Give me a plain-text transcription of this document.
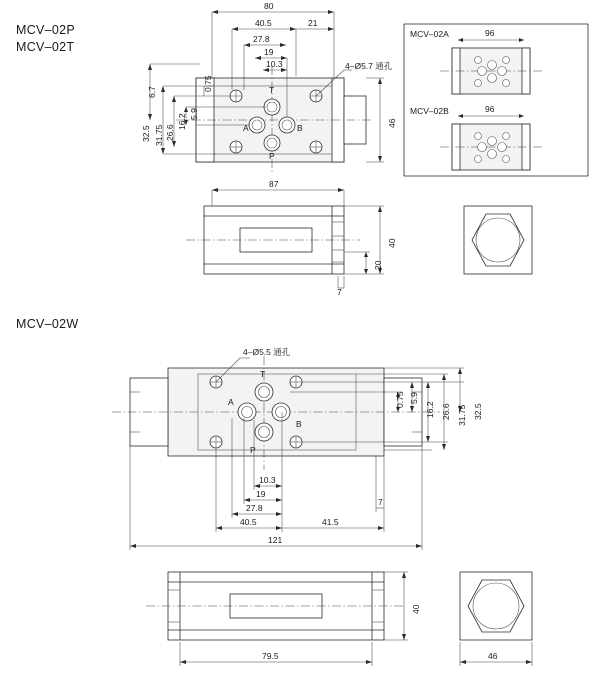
MCV–02P
MCV–02T
MCV–02W
80
40.5	21
27.8
19
10.3	4–Ø5.7 通孔
6.7
0.75
5.9
16.2
26.6
31.75
32.5
46
T
A	B
P
MCV–02A	96
MCV–02B	96
87
40
20
7
4–Ø5.5 通孔
T
A
B
P
0.75 5.9
16.2 26.6 31.75 32.5
10.3
19
27.8
40.5	41.5
7
121
79.5
40
46
